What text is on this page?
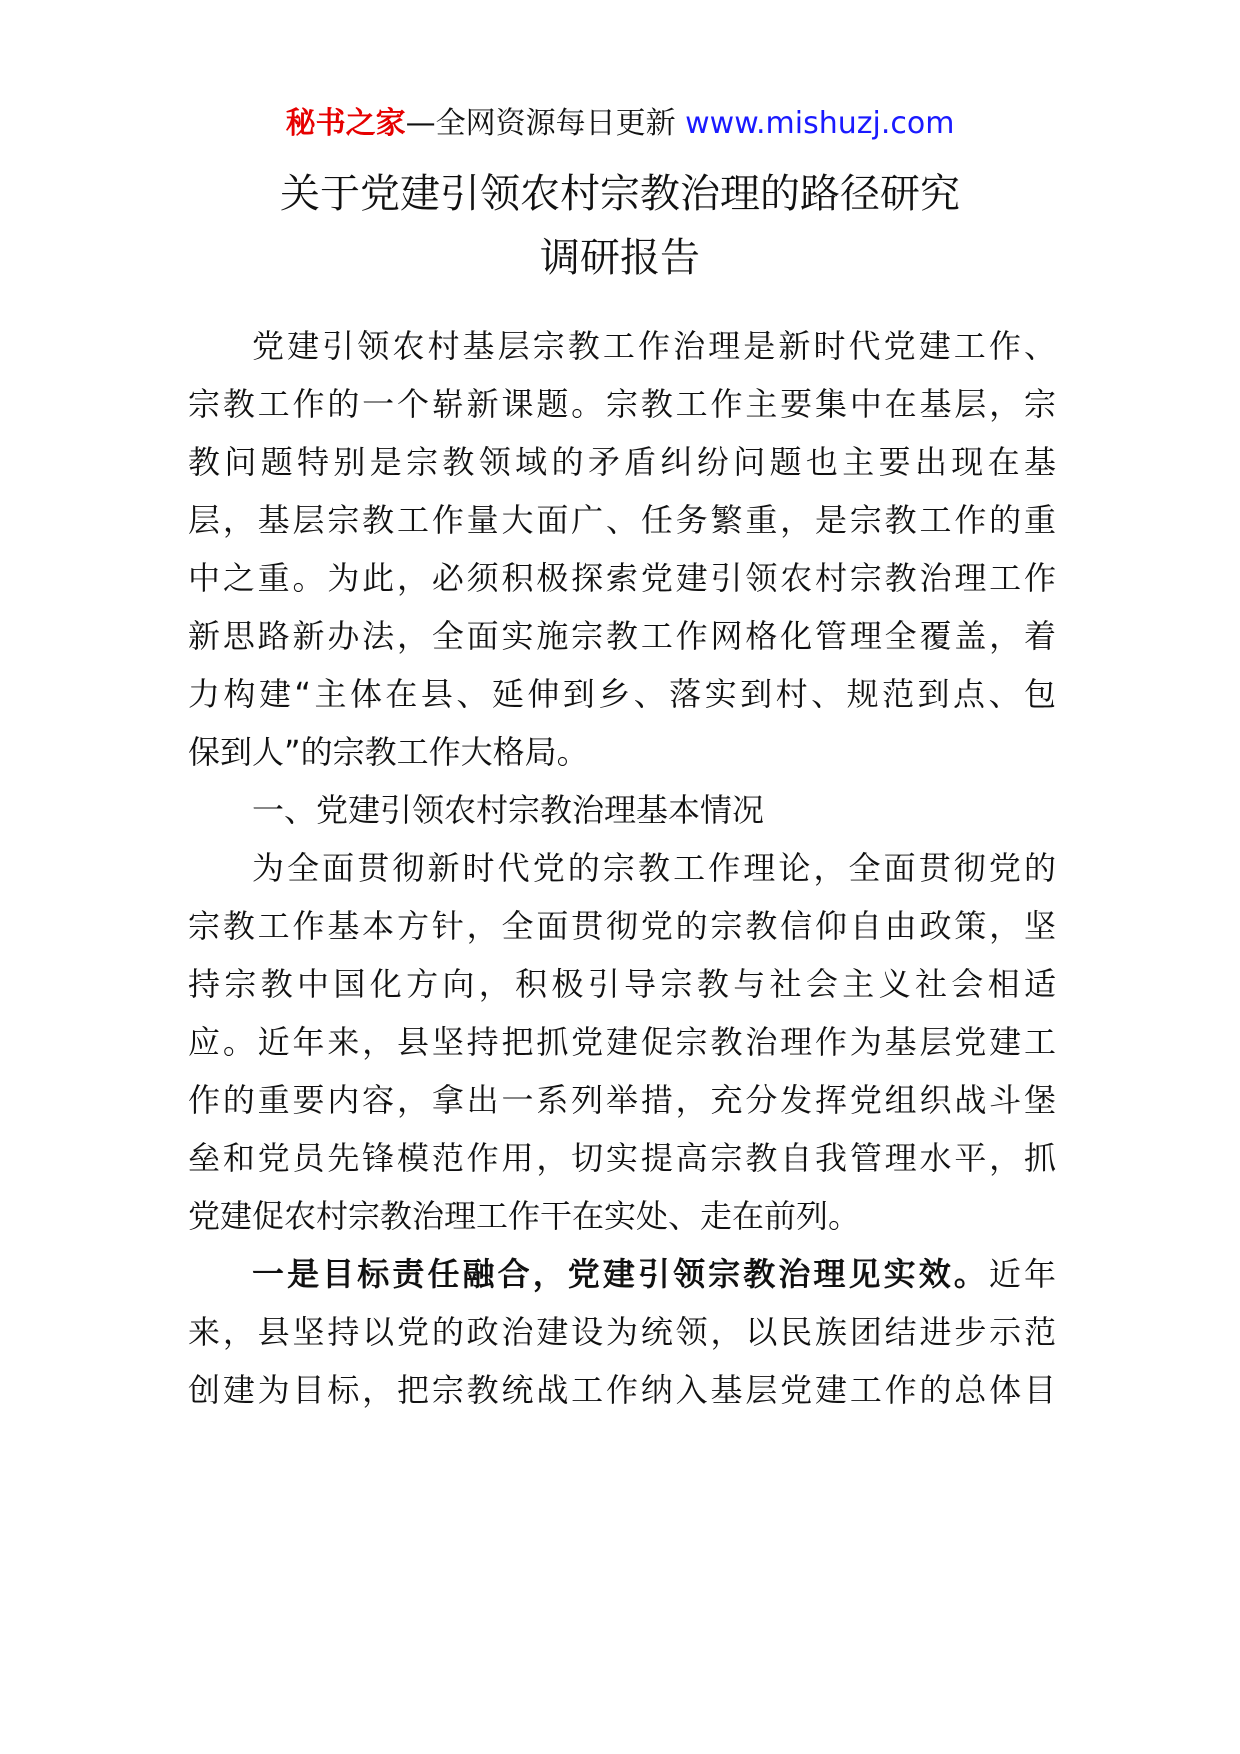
秘书之家—全网资源每日更新 www.mishuzj.com
关于党建引领农村宗教治理的路径研究
调研报告
党建引领农村基层宗教工作治理是新时代党建工作、
宗教工作的一个崭新课题。宗教工作主要集中在基层，宗
教问题特别是宗教领域的矛盾纠纷问题也主要出现在基
层，基层宗教工作量大面广、任务繁重，是宗教工作的重
中之重。为此，必须积极探索党建引领农村宗教治理工作
新思路新办法，全面实施宗教工作网格化管理全覆盖，着
力构建“主体在县、延伸到乡、落实到村、规范到点、包
保到人”的宗教工作大格局。
一、党建引领农村宗教治理基本情况
为全面贯彻新时代党的宗教工作理论，全面贯彻党的
宗教工作基本方针，全面贯彻党的宗教信仰自由政策，坚
持宗教中国化方向，积极引导宗教与社会主义社会相适
应。近年来，县坚持把抓党建促宗教治理作为基层党建工
作的重要内容，拿出一系列举措，充分发挥党组织战斗堡
垒和党员先锋模范作用，切实提高宗教自我管理水平，抓
党建促农村宗教治理工作干在实处、走在前列。
一是目标责任融合，党建引领宗教治理见实效。近年
来，县坚持以党的政治建设为统领，以民族团结进步示范
创建为目标，把宗教统战工作纳入基层党建工作的总体目
